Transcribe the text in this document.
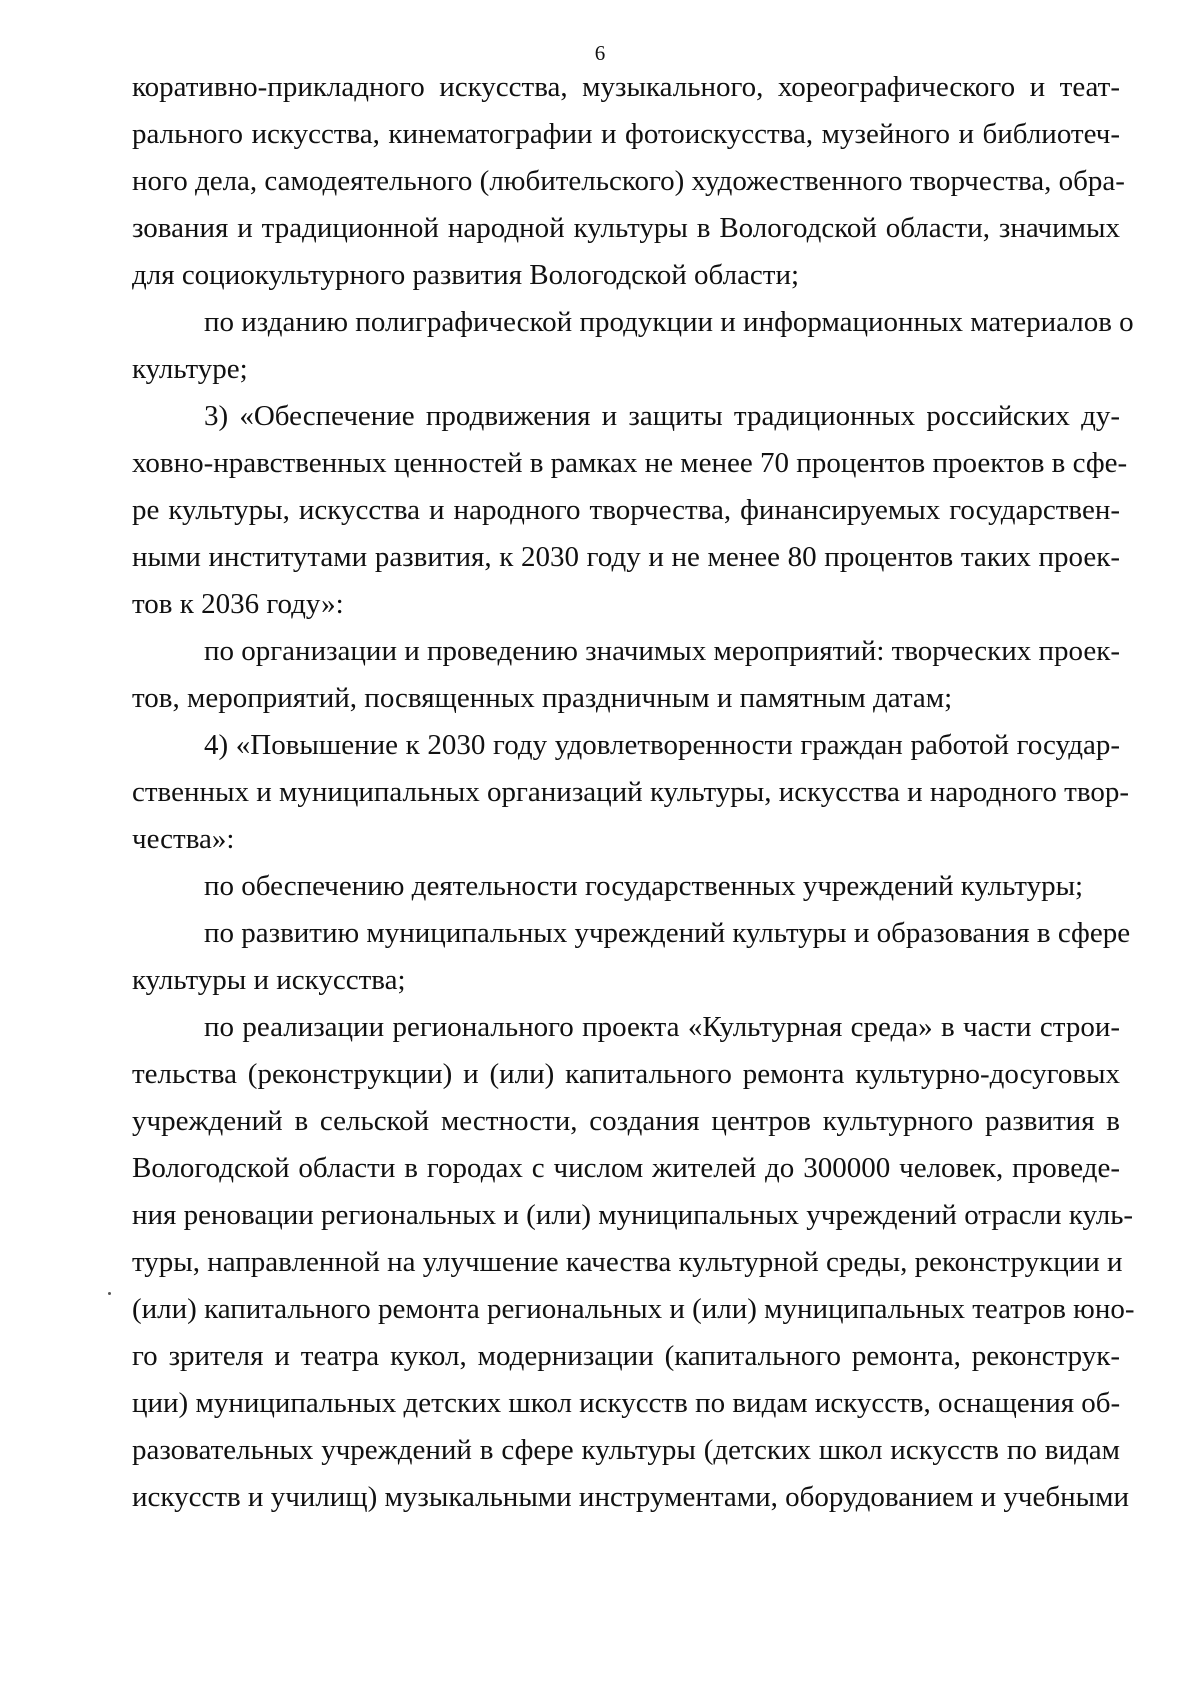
6
коративно-прикладного искусства, музыкального, хореографического и теат-
рального искусства, кинематографии и фотоискусства, музейного и библиотеч-
ного дела, самодеятельного (любительского) художественного творчества, обра-
зования и традиционной народной культуры в Вологодской области, значимых
для социокультурного развития Вологодской области;
по изданию полиграфической продукции и информационных материалов о
культуре;
3) «Обеспечение продвижения и защиты традиционных российских ду-
ховно-нравственных ценностей в рамках не менее 70 процентов проектов в сфе-
ре культуры, искусства и народного творчества, финансируемых государствен-
ными институтами развития, к 2030 году и не менее 80 процентов таких проек-
тов к 2036 году»:
по организации и проведению значимых мероприятий: творческих проек-
тов, мероприятий, посвященных праздничным и памятным датам;
4) «Повышение к 2030 году удовлетворенности граждан работой государ-
ственных и муниципальных организаций культуры, искусства и народного твор-
чества»:
по обеспечению деятельности государственных учреждений культуры;
по развитию муниципальных учреждений культуры и образования в сфере
культуры и искусства;
по реализации регионального проекта «Культурная среда» в части строи-
тельства (реконструкции) и (или) капитального ремонта культурно-досуговых
учреждений в сельской местности, создания центров культурного развития в
Вологодской области в городах с числом жителей до 300000 человек, проведе-
ния реновации региональных и (или) муниципальных учреждений отрасли куль-
туры, направленной на улучшение качества культурной среды, реконструкции и
(или) капитального ремонта региональных и (или) муниципальных театров юно-
го зрителя и театра кукол, модернизации (капитального ремонта, реконструк-
ции) муниципальных детских школ искусств по видам искусств, оснащения об-
разовательных учреждений в сфере культуры (детских школ искусств по видам
искусств и училищ) музыкальными инструментами, оборудованием и учебными
